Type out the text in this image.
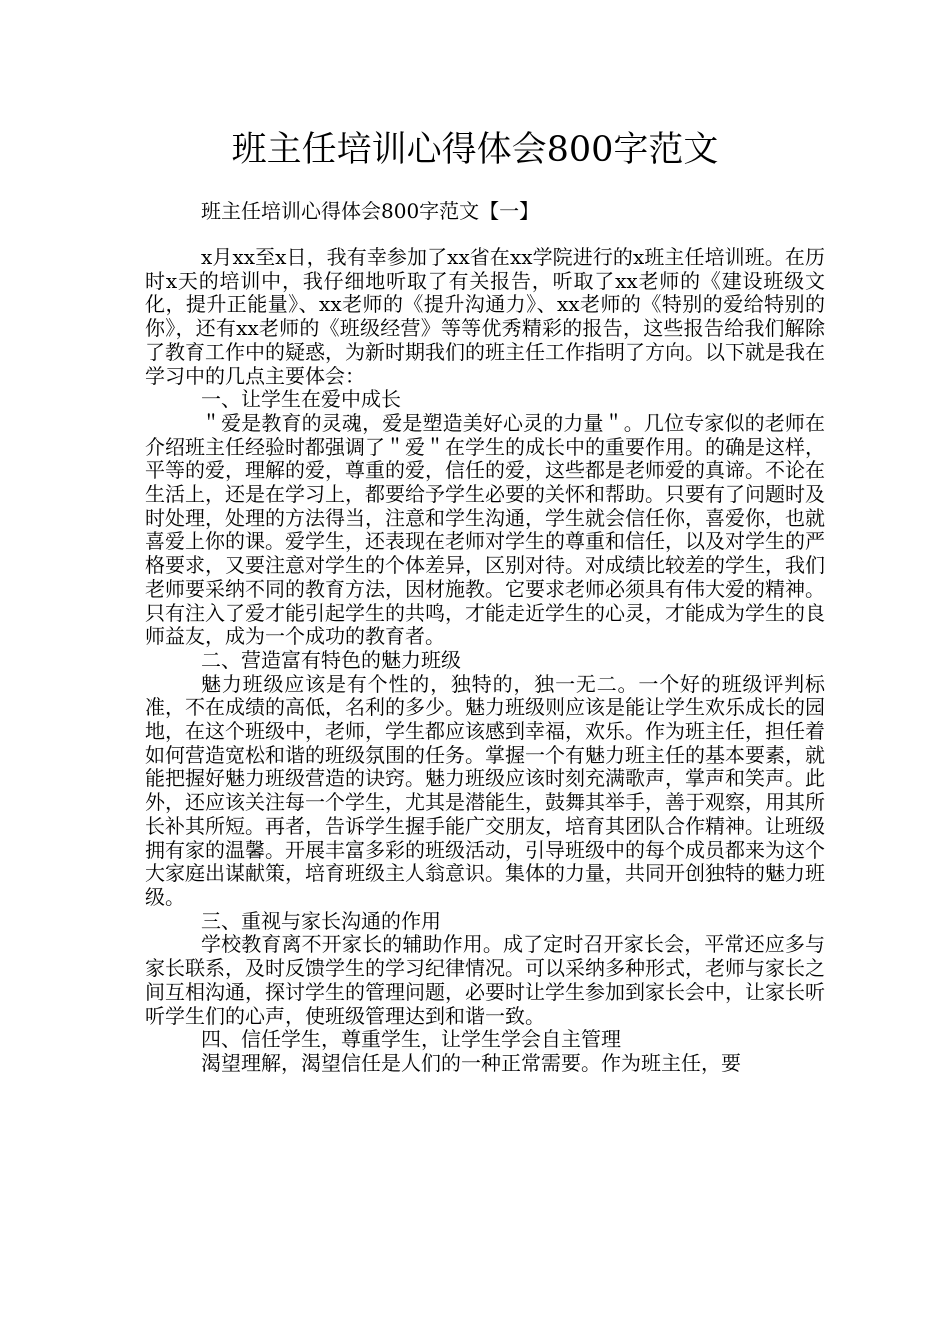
班主任培训心得体会800字范文
班主任培训心得体会800字范文【一】

x月xx至x日，我有幸参加了xx省在xx学院进行的x班主任培训班。在历时x天的培训中，我仔细地听取了有关报告，听取了xx老师的《建设班级文化，提升正能量》、xx老师的《提升沟通力》、xx老师的《特别的爱给特别的你》，还有xx老师的《班级经营》等等优秀精彩的报告，这些报告给我们解除了教育工作中的疑惑，为新时期我们的班主任工作指明了方向。以下就是我在学习中的几点主要体会：

一、让学生在爱中成长

＂爱是教育的灵魂，爱是塑造美好心灵的力量＂。几位专家似的老师在介绍班主任经验时都强调了＂爱＂在学生的成长中的重要作用。的确是这样，平等的爱，理解的爱，尊重的爱，信任的爱，这些都是老师爱的真谛。不论在生活上，还是在学习上，都要给予学生必要的关怀和帮助。只要有了问题时及时处理，处理的方法得当，注意和学生沟通，学生就会信任你，喜爱你，也就喜爱上你的课。爱学生，还表现在老师对学生的尊重和信任，以及对学生的严格要求，又要注意对学生的个体差异，区别对待。对成绩比较差的学生，我们老师要采纳不同的教育方法，因材施教。它要求老师必须具有伟大爱的精神。只有注入了爱才能引起学生的共鸣，才能走近学生的心灵，才能成为学生的良师益友，成为一个成功的教育者。

二、营造富有特色的魅力班级

魅力班级应该是有个性的，独特的，独一无二。一个好的班级评判标准，不在成绩的高低，名利的多少。魅力班级则应该是能让学生欢乐成长的园地，在这个班级中，老师，学生都应该感到幸福，欢乐。作为班主任，担任着如何营造宽松和谐的班级氛围的任务。掌握一个有魅力班主任的基本要素，就能把握好魅力班级营造的诀窍。魅力班级应该时刻充满歌声，掌声和笑声。此外，还应该关注每一个学生，尤其是潜能生，鼓舞其举手，善于观察，用其所长补其所短。再者，告诉学生握手能广交朋友，培育其团队合作精神。让班级拥有家的温馨。开展丰富多彩的班级活动，引导班级中的每个成员都来为这个大家庭出谋献策，培育班级主人翁意识。集体的力量，共同开创独特的魅力班级。

三、重视与家长沟通的作用

学校教育离不开家长的辅助作用。成了定时召开家长会，平常还应多与家长联系，及时反馈学生的学习纪律情况。可以采纳多种形式，老师与家长之间互相沟通，探讨学生的管理问题，必要时让学生参加到家长会中，让家长听听学生们的心声，使班级管理达到和谐一致。

四、信任学生，尊重学生，让学生学会自主管理

渴望理解，渴望信任是人们的一种正常需要。作为班主任，要
